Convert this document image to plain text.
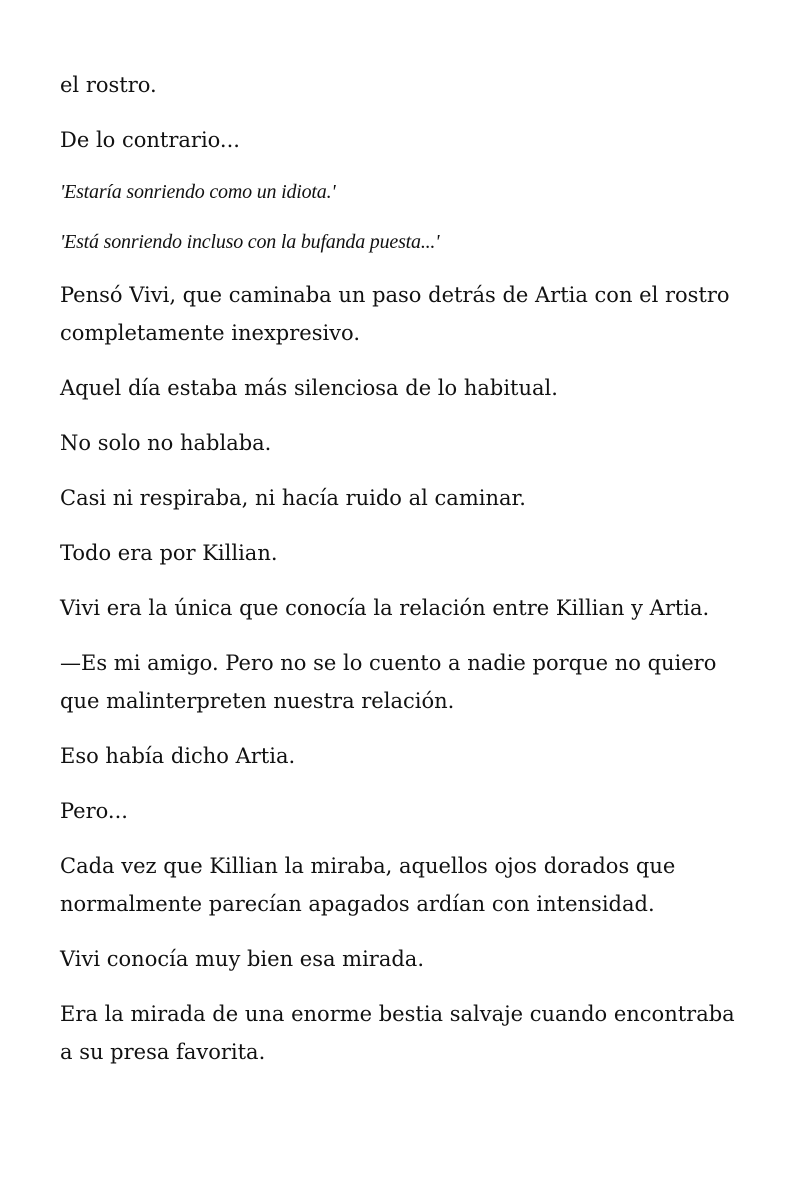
el rostro.

De lo contrario...

'Estaría sonriendo como un idiota.'

'Está sonriendo incluso con la bufanda puesta...'

Pensó Vivi, que caminaba un paso detrás de Artia con el rostro completamente inexpresivo.

Aquel día estaba más silenciosa de lo habitual.

No solo no hablaba.

Casi ni respiraba, ni hacía ruido al caminar.

Todo era por Killian.

Vivi era la única que conocía la relación entre Killian y Artia.

—Es mi amigo. Pero no se lo cuento a nadie porque no quiero que malinterpreten nuestra relación.

Eso había dicho Artia.

Pero...

Cada vez que Killian la miraba, aquellos ojos dorados que normalmente parecían apagados ardían con intensidad.

Vivi conocía muy bien esa mirada.

Era la mirada de una enorme bestia salvaje cuando encontraba a su presa favorita.
